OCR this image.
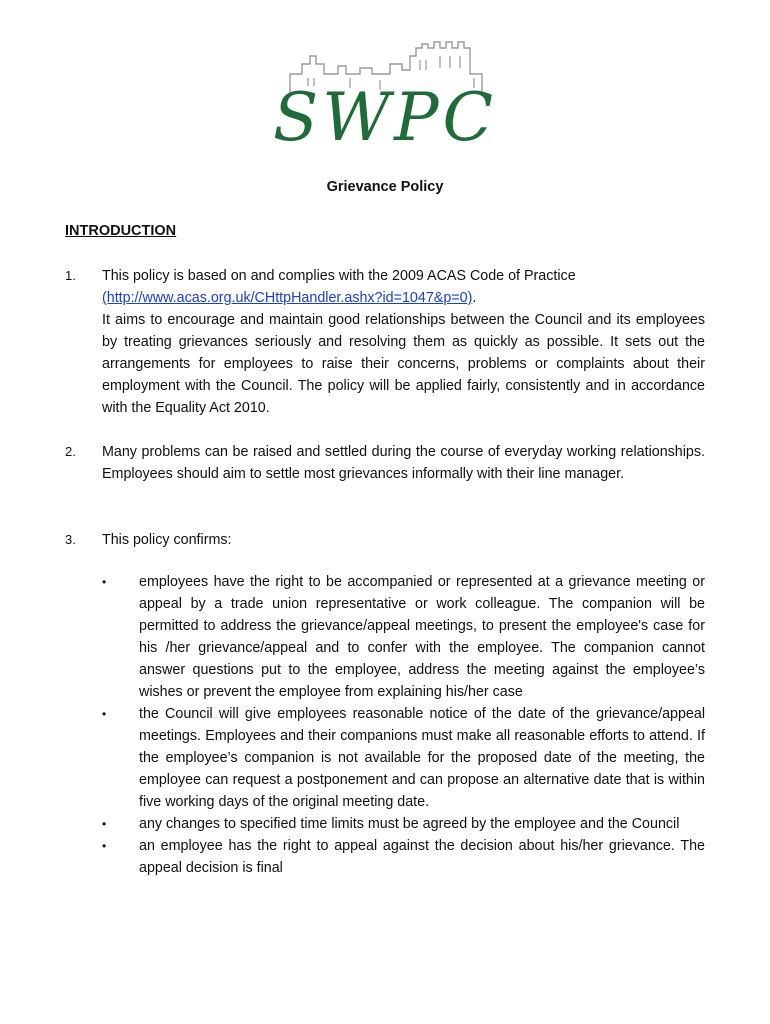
SWPC
Grievance Policy
INTRODUCTION
1.	This policy is based on and complies with the 2009 ACAS Code of Practice

(http://www.acas.org.uk/CHttpHandler.ashx?id=1047&p=0).

It aims to encourage and maintain good relationships between the Council and its employees by treating grievances seriously and resolving them as quickly as possible. It sets out the arrangements for employees to raise their concerns, problems or complaints about their employment with the Council. The policy will be applied fairly, consistently and in accordance with the Equality Act 2010.

2.	Many problems can be raised and settled during the course of everyday working relationships. Employees should aim to settle most grievances informally with their line manager.

3.	This policy confirms:

• employees have the right to be accompanied or represented at a grievance meeting or appeal by a trade union representative or work colleague. The companion will be permitted to address the grievance/appeal meetings, to present the employee's case for his /her grievance/appeal and to confer with the employee. The companion cannot answer questions put to the employee, address the meeting against the employee’s wishes or prevent the employee from explaining his/her case
• the Council will give employees reasonable notice of the date of the grievance/appeal meetings. Employees and their companions must make all reasonable efforts to attend. If the employee’s companion is not available for the proposed date of the meeting, the employee can request a postponement and can propose an alternative date that is within five working days of the original meeting date.
• any changes to specified time limits must be agreed by the employee and the Council
• an employee has the right to appeal against the decision about his/her grievance. The appeal decision is final
